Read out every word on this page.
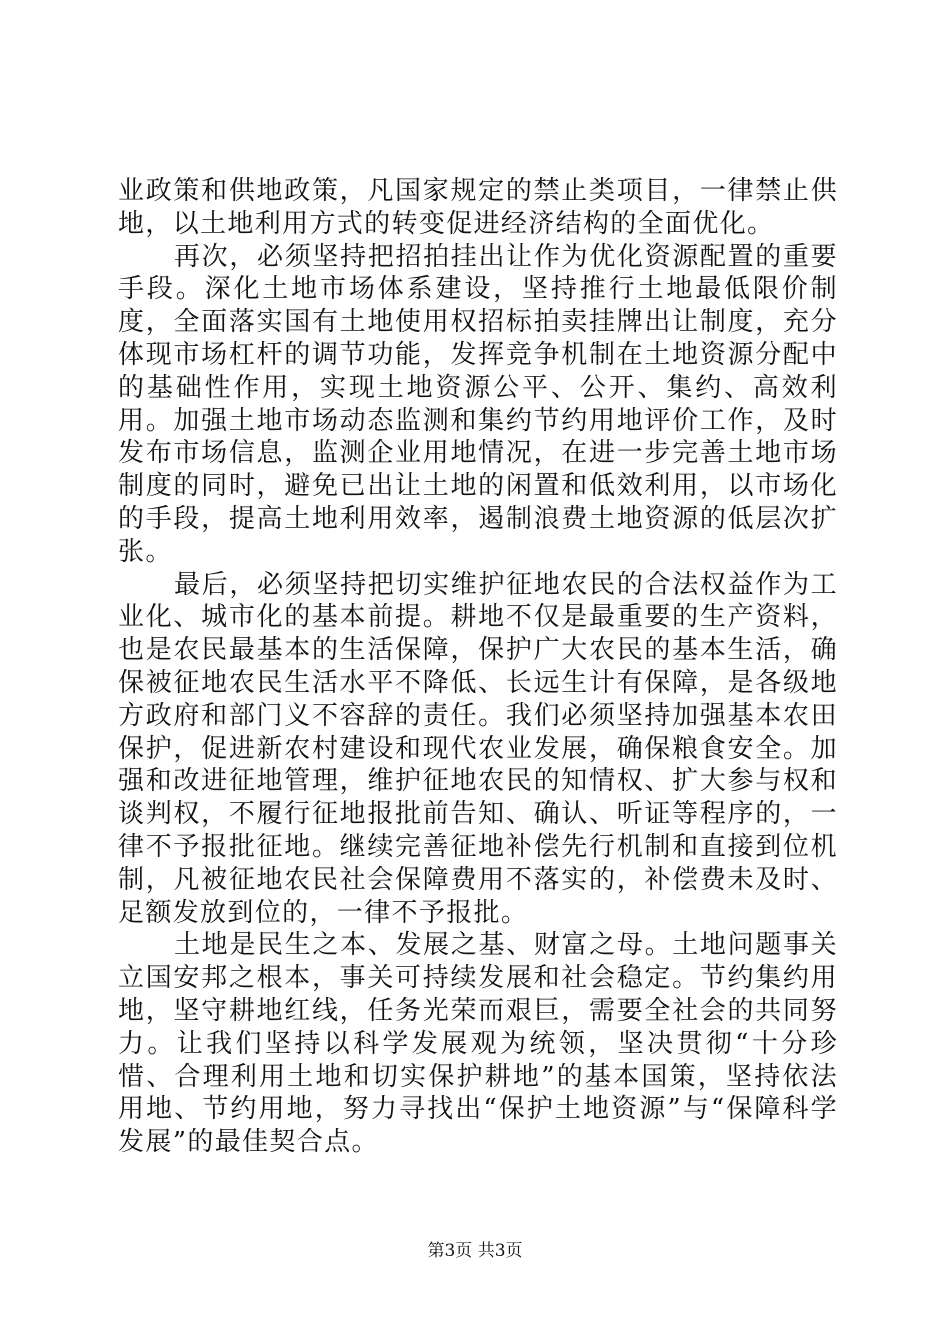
业政策和供地政策，凡国家规定的禁止类项目，一律禁止供地，以土地利用方式的转变促进经济结构的全面优化。

再次，必须坚持把招拍挂出让作为优化资源配置的重要手段。深化土地市场体系建设，坚持推行土地最低限价制度，全面落实国有土地使用权招标拍卖挂牌出让制度，充分体现市场杠杆的调节功能，发挥竞争机制在土地资源分配中的基础性作用，实现土地资源公平、公开、集约、高效利用。加强土地市场动态监测和集约节约用地评价工作，及时发布市场信息，监测企业用地情况，在进一步完善土地市场制度的同时，避免已出让土地的闲置和低效利用，以市场化的手段，提高土地利用效率，遏制浪费土地资源的低层次扩张。

最后，必须坚持把切实维护征地农民的合法权益作为工业化、城市化的基本前提。耕地不仅是最重要的生产资料，也是农民最基本的生活保障，保护广大农民的基本生活，确保被征地农民生活水平不降低、长远生计有保障，是各级地方政府和部门义不容辞的责任。我们必须坚持加强基本农田保护，促进新农村建设和现代农业发展，确保粮食安全。加强和改进征地管理，维护征地农民的知情权、扩大参与权和谈判权，不履行征地报批前告知、确认、听证等程序的，一律不予报批征地。继续完善征地补偿先行机制和直接到位机制，凡被征地农民社会保障费用不落实的，补偿费未及时、足额发放到位的，一律不予报批。

土地是民生之本、发展之基、财富之母。土地问题事关立国安邦之根本，事关可持续发展和社会稳定。节约集约用地，坚守耕地红线，任务光荣而艰巨，需要全社会的共同努力。让我们坚持以科学发展观为统领，坚决贯彻“十分珍惜、合理利用土地和切实保护耕地”的基本国策，坚持依法用地、节约用地，努力寻找出“保护土地资源”与“保障科学发展”的最佳契合点。

第3页 共3页
